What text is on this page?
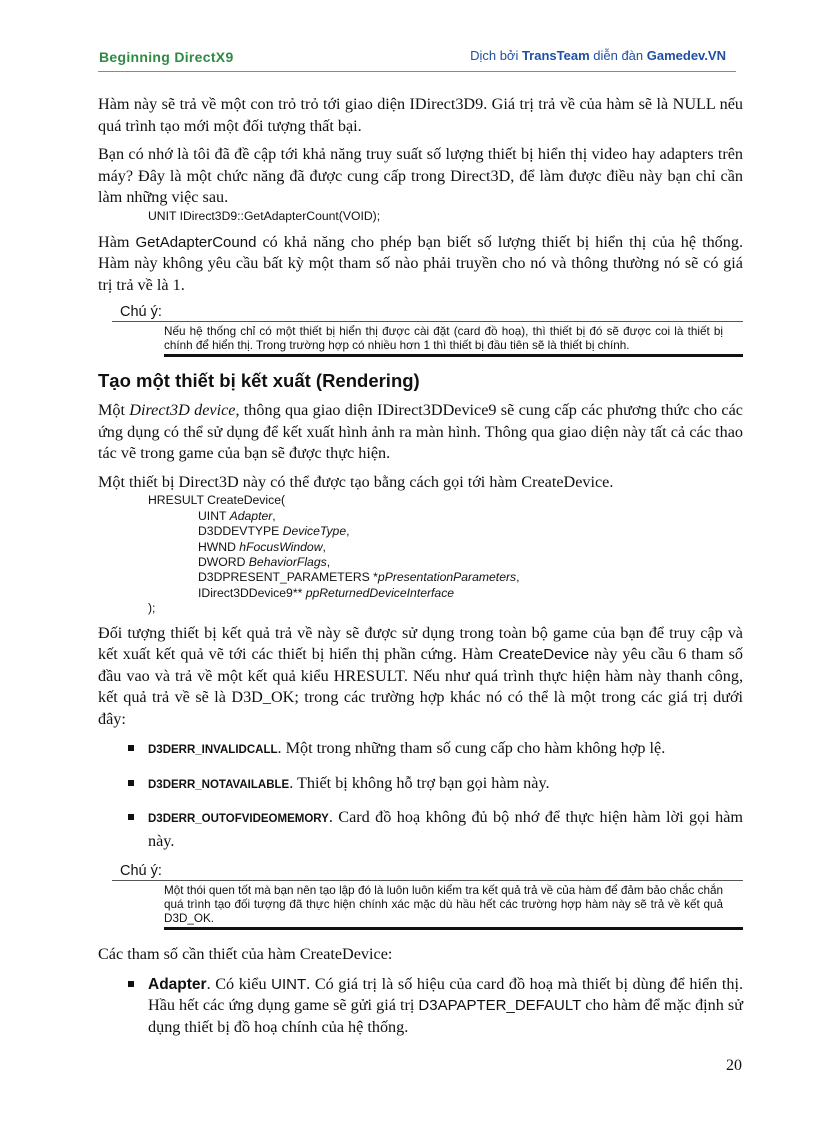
Beginning DirectX9	Dịch bởi TransTeam diễn đàn Gamedev.VN

Hàm này sẽ trả về một con trỏ trỏ tới giao diện IDirect3D9. Giá trị trả về của hàm sẽ là NULL nếu quá trình tạo mới một đối tượng thất bại.

Bạn có nhớ là tôi đã đề cập tới khả năng truy suất số lượng thiết bị hiển thị video hay adapters trên máy? Đây là một chức năng đã được cung cấp trong Direct3D, để làm được điều này bạn chỉ cần làm những việc sau.

UNIT IDirect3D9::GetAdapterCount(VOID);

Hàm GetAdapterCound có khả năng cho phép bạn biết số lượng thiết bị hiển thị của hệ thống. Hàm này không yêu cầu bất kỳ một tham số nào phải truyền cho nó và thông thường nó sẽ có giá trị trả về là 1.

Chú ý:
Nếu hệ thống chỉ có một thiết bị hiển thị được cài đặt (card đồ hoạ), thì thiết bị đó sẽ được coi là thiết bị chính để hiển thị. Trong trường hợp có nhiều hơn 1 thì thiết bị đầu tiên sẽ là thiết bị chính.
Tạo một thiết bị kết xuất (Rendering)

Một Direct3D device, thông qua giao diện IDirect3DDevice9 sẽ cung cấp các phương thức cho các ứng dụng có thể sử dụng để kết xuất hình ảnh ra màn hình. Thông qua giao diện này tất cả các thao tác vẽ trong game của bạn sẽ được thực hiện.

Một thiết bị Direct3D này có thể được tạo bằng cách gọi tới hàm CreateDevice.

HRESULT CreateDevice(
UINT Adapter,
D3DDEVTYPE DeviceType,
HWND hFocusWindow,
DWORD BehaviorFlags,
D3DPRESENT_PARAMETERS *pPresentationParameters,
IDirect3DDevice9** ppReturnedDeviceInterface
);

Đối tượng thiết bị kết quả trả về này sẽ được sử dụng trong toàn bộ game của bạn để truy cập và kết xuất kết quả vẽ tới các thiết bị hiển thị phần cứng. Hàm CreateDevice này yêu cầu 6 tham số đầu vao và trả về một kết quả kiểu HRESULT. Nếu như quá trình thực hiện hàm này thanh công, kết quả trả về sẽ là D3D_OK; trong các trường hợp khác nó có thể là một trong các giá trị dưới đây:

D3DERR_INVALIDCALL. Một trong những tham số cung cấp cho hàm không hợp lệ.
D3DERR_NOTAVAILABLE. Thiết bị không hỗ trợ bạn gọi hàm này.
D3DERR_OUTOFVIDEOMEMORY. Card đồ hoạ không đủ bộ nhớ để thực hiện hàm lời gọi hàm này.
Chú ý:
Một thói quen tốt mà bạn nên tạo lập đó là luôn luôn kiểm tra kết quả trả về của hàm để đảm bảo chắc chắn quá trình tạo đối tượng đã thực hiện chính xác mặc dù hầu hết các trường hợp hàm này sẽ trả về kết quả D3D_OK.

Các tham số cần thiết của hàm CreateDevice:

Adapter. Có kiểu UINT. Có giá trị là số hiệu của card đồ hoạ mà thiết bị dùng để hiển thị. Hầu hết các ứng dụng game sẽ gửi giá trị D3APAPTER_DEFAULT cho hàm để mặc định sử dụng thiết bị đồ hoạ chính của hệ thống.
20
